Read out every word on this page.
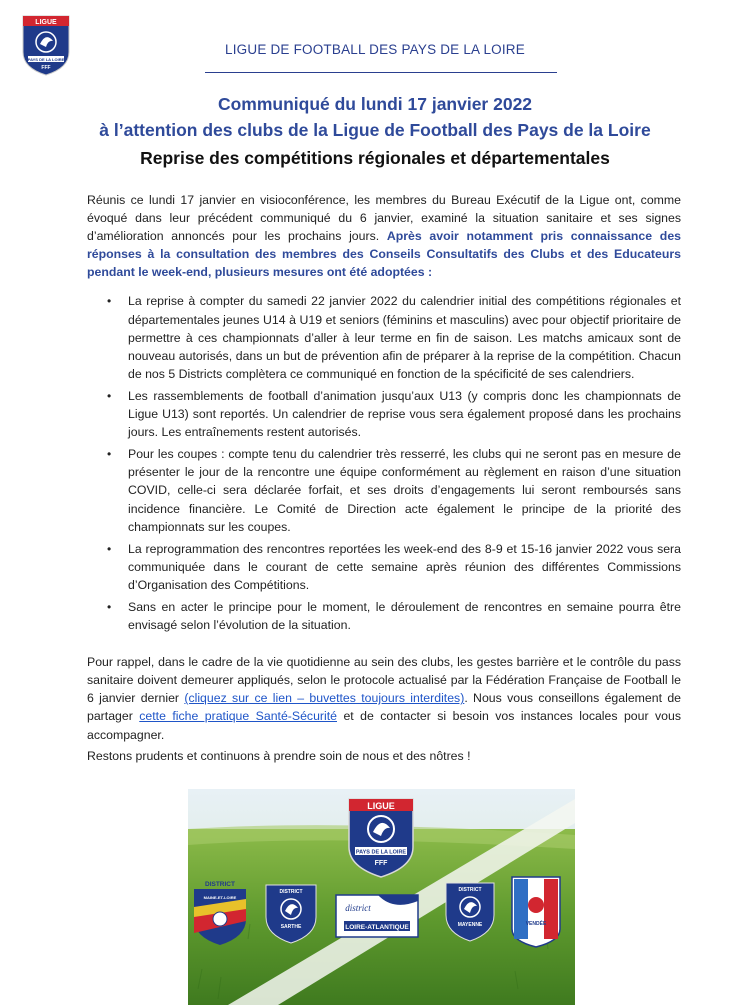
LIGUE
PAYS DE LA LOIRE
FFF
LIGUE DE FOOTBALL DES PAYS DE LA LOIRE
Communiqué du lundi 17 janvier 2022
à l’attention des clubs de la Ligue de Football des Pays de la Loire
Reprise des compétitions régionales et départementales

Réunis ce lundi 17 janvier en visioconférence, les membres du Bureau Exécutif de la Ligue ont, comme évoqué dans leur précédent communiqué du 6 janvier, examiné la situation sanitaire et ses signes d’amélioration annoncés pour les prochains jours. Après avoir notamment pris connaissance des réponses à la consultation des membres des Conseils Consultatifs des Clubs et des Educateurs pendant le week-end, plusieurs mesures ont été adoptées :

• La reprise à compter du samedi 22 janvier 2022 du calendrier initial des compétitions régionales et départementales jeunes U14 à U19 et seniors (féminins et masculins) avec pour objectif prioritaire de permettre à ces championnats d’aller à leur terme en fin de saison. Les matchs amicaux sont de nouveau autorisés, dans un but de prévention afin de préparer à la reprise de la compétition. Chacun de nos 5 Districts complètera ce communiqué en fonction de la spécificité de ses calendriers.
• Les rassemblements de football d’animation jusqu’aux U13 (y compris donc les championnats de Ligue U13) sont reportés. Un calendrier de reprise vous sera également proposé dans les prochains jours. Les entraînements restent autorisés.
• Pour les coupes : compte tenu du calendrier très resserré, les clubs qui ne seront pas en mesure de présenter le jour de la rencontre une équipe conformément au règlement en raison d’une situation COVID, celle-ci sera déclarée forfait, et ses droits d’engagements lui seront remboursés sans incidence financière. Le Comité de Direction acte également le principe de la priorité des championnats sur les coupes.
• La reprogrammation des rencontres reportées les week-end des 8-9 et 15-16 janvier 2022 vous sera communiquée dans le courant de cette semaine après réunion des différentes Commissions d’Organisation des Compétitions.
• Sans en acter le principe pour le moment, le déroulement de rencontres en semaine pourra être envisagé selon l’évolution de la situation.

Pour rappel, dans le cadre de la vie quotidienne au sein des clubs, les gestes barrière et le contrôle du pass sanitaire doivent demeurer appliqués, selon le protocole actualisé par la Fédération Française de Football le 6 janvier dernier (cliquez sur ce lien – buvettes toujours interdites). Nous vous conseillons également de partager cette fiche pratique Santé-Sécurité et de contacter si besoin vos instances locales pour vous accompagner.

Restons prudents et continuons à prendre soin de nous et des nôtres !

LIGUE
PAYS DE LA LOIRE
FFF
DISTRICT
MAINE-ET-LOIRE
DISTRICT
SARTHE
district
LOIRE-ATLANTIQUE
DISTRICT
MAYENNE	VENDÉE
